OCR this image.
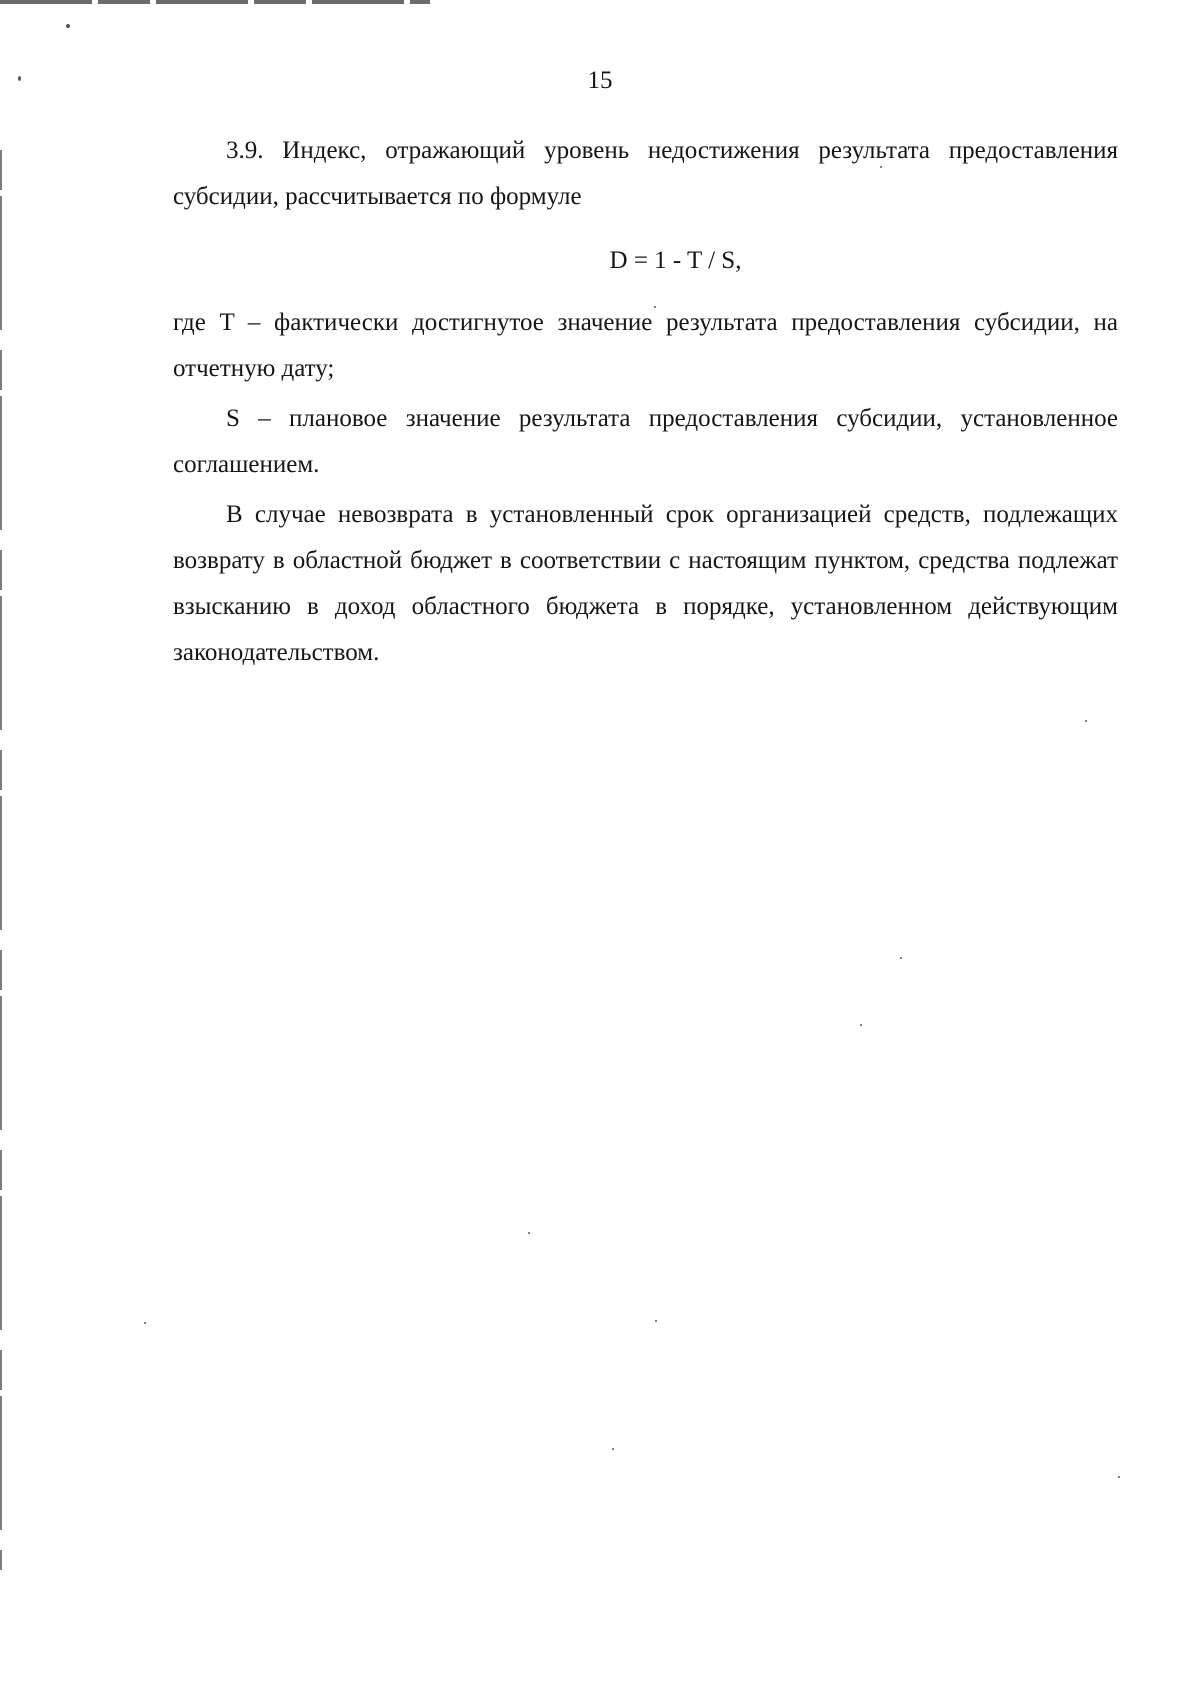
15

3.9. Индекс, отражающий уровень недостижения результата предоставления субсидии, рассчитывается по формуле

D = 1 - T / S,

где T – фактически достигнутое значение результата предоставления субсидии, на отчетную дату;

S – плановое значение результата предоставления субсидии, установленное соглашением.

В случае невозврата в установленный срок организацией средств, подлежащих возврату в областной бюджет в соответствии с настоящим пунктом, средства подлежат взысканию в доход областного бюджета в порядке, установленном действующим законодательством.
